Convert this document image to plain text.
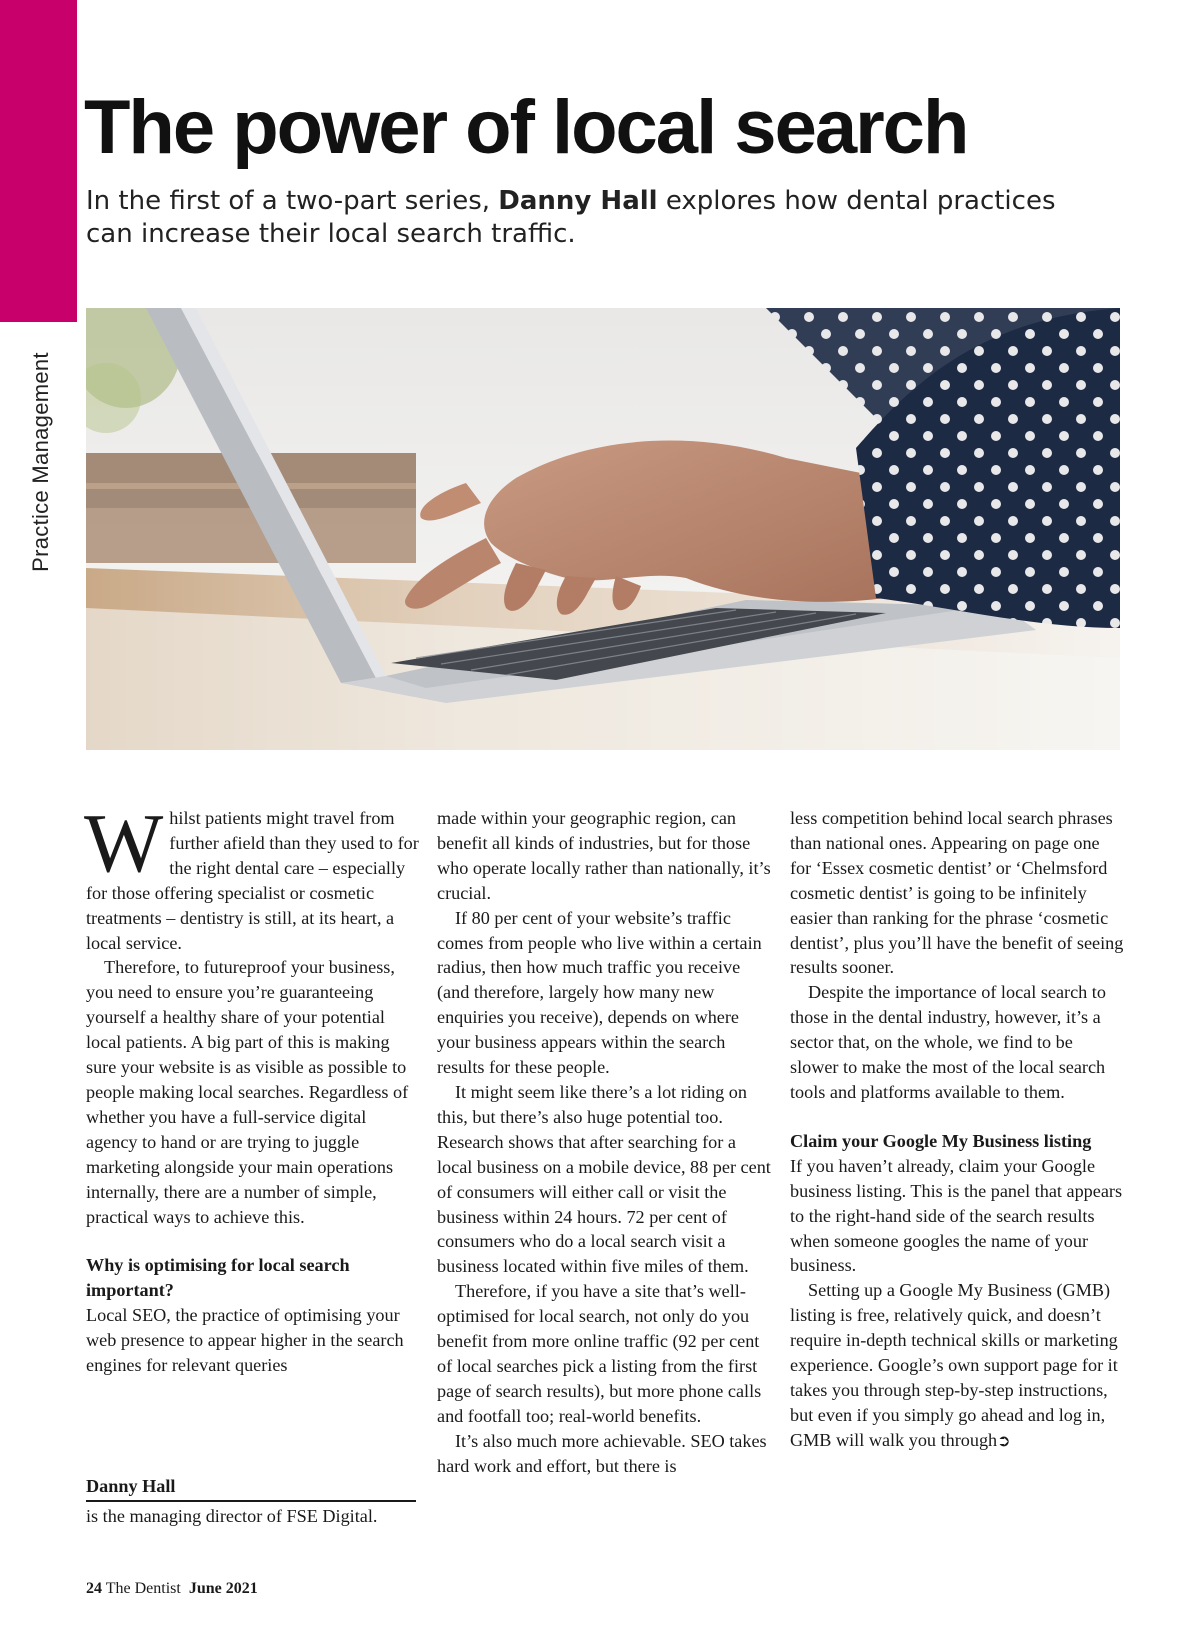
Practice Management
The power of local search

In the first of a two-part series, Danny Hall explores how dental practices can increase their local search traffic.

Whilst patients might travel from further afield than they used to for the right dental care – especially for those offering specialist or cosmetic treatments – dentistry is still, at its heart, a local service.

Therefore, to futureproof your business, you need to ensure you’re guaranteeing yourself a healthy share of your potential local patients. A big part of this is making sure your website is as visible as possible to people making local searches. Regardless of whether you have a full-service digital agency to hand or are trying to juggle marketing alongside your main operations internally, there are a number of simple, practical ways to achieve this.

Why is optimising for local search important?

Local SEO, the practice of optimising your web presence to appear higher in the search engines for relevant queries

Danny Hall
is the managing director of FSE Digital.

made within your geographic region, can benefit all kinds of industries, but for those who operate locally rather than nationally, it’s crucial.

If 80 per cent of your website’s traffic comes from people who live within a certain radius, then how much traffic you receive (and therefore, largely how many new enquiries you receive), depends on where your business appears within the search results for these people.

It might seem like there’s a lot riding on this, but there’s also huge potential too. Research shows that after searching for a local business on a mobile device, 88 per cent of consumers will either call or visit the business within 24 hours. 72 per cent of consumers who do a local search visit a business located within five miles of them.

Therefore, if you have a site that’s well-optimised for local search, not only do you benefit from more online traffic (92 per cent of local searches pick a listing from the first page of search results), but more phone calls and footfall too; real-world benefits.

It’s also much more achievable. SEO takes hard work and effort, but there is

less competition behind local search phrases than national ones. Appearing on page one for ‘Essex cosmetic dentist’ or ‘Chelmsford cosmetic dentist’ is going to be infinitely easier than ranking for the phrase ‘cosmetic dentist’, plus you’ll have the benefit of seeing results sooner.

Despite the importance of local search to those in the dental industry, however, it’s a sector that, on the whole, we find to be slower to make the most of the local search tools and platforms available to them.

Claim your Google My Business listing

If you haven’t already, claim your Google business listing. This is the panel that appears to the right-hand side of the search results when someone googles the name of your business.

Setting up a Google My Business (GMB) listing is free, relatively quick, and doesn’t require in-depth technical skills or marketing experience. Google’s own support page for it takes you through step-by-step instructions, but even if you simply go ahead and log in, GMB will walk you through➲

24 The Dentist June 2021
